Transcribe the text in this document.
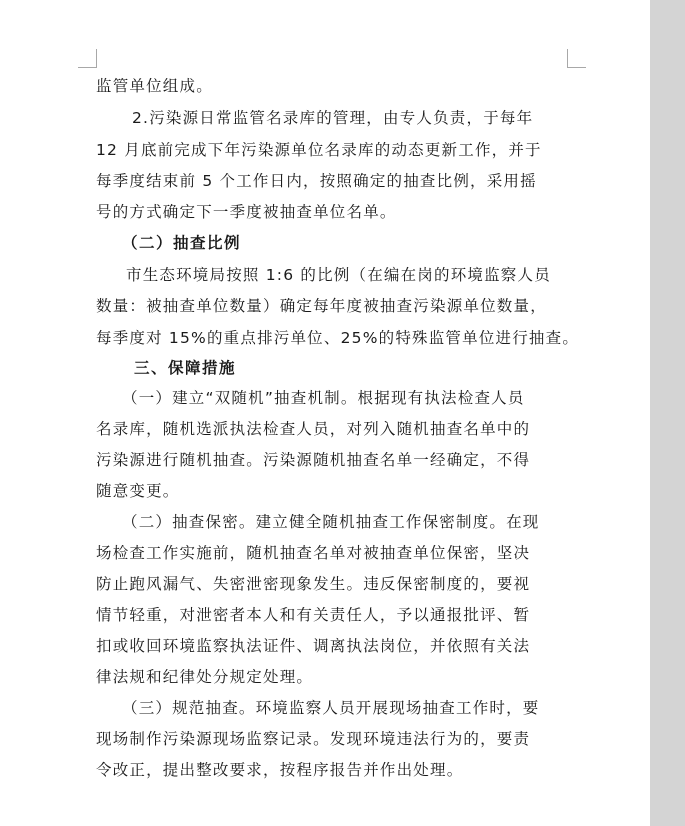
监管单位组成。
2.污染源日常监管名录库的管理，由专人负责，于每年
12 月底前完成下年污染源单位名录库的动态更新工作，并于
每季度结束前 5 个工作日内，按照确定的抽查比例，采用摇
号的方式确定下一季度被抽查单位名单。
（二）抽查比例
市生态环境局按照 1:6 的比例（在编在岗的环境监察人员
数量：被抽查单位数量）确定每年度被抽查污染源单位数量，
每季度对 15%的重点排污单位、25%的特殊监管单位进行抽查。
三、保障措施
（一）建立“双随机”抽查机制。根据现有执法检查人员
名录库，随机选派执法检查人员，对列入随机抽查名单中的
污染源进行随机抽查。污染源随机抽查名单一经确定，不得
随意变更。
（二）抽查保密。建立健全随机抽查工作保密制度。在现
场检查工作实施前，随机抽查名单对被抽查单位保密，坚决
防止跑风漏气、失密泄密现象发生。违反保密制度的，要视
情节轻重，对泄密者本人和有关责任人，予以通报批评、暂
扣或收回环境监察执法证件、调离执法岗位，并依照有关法
律法规和纪律处分规定处理。
（三）规范抽查。环境监察人员开展现场抽查工作时，要
现场制作污染源现场监察记录。发现环境违法行为的，要责
令改正，提出整改要求，按程序报告并作出处理。
